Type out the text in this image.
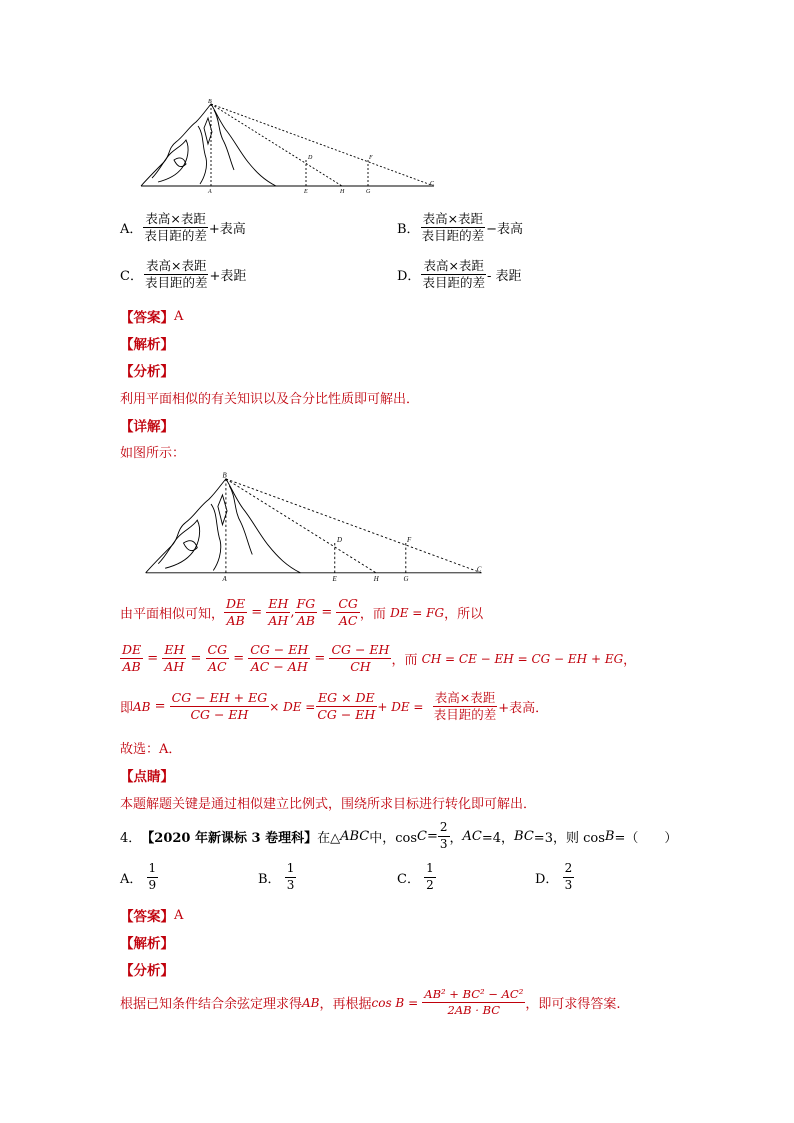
B
A
D
E	H
F
G
C
A． $\frac{\text{表高×表距}}{\text{表目距的差}}$ +表高	B． $\frac{\text{表高×表距}}{\text{表目距的差}}$ −表高
C． $\frac{\text{表高×表距}}{\text{表目距的差}}$ +表距	D． $\frac{\text{表高×表距}}{\text{表目距的差}}$ - 表距
【答案】 A
【解析】
【分析】
利用平面相似的有关知识以及合分比性质即可解出．
【详解】
如图所示：
B
A
D
E	H
F
G
C
由平面相似可知， $\frac{DE}{AB} = \frac{EH}{AH}$ , $\frac{FG}{AB} = \frac{CG}{AC}$ ，而
DE = FG ，所以
$\frac{DE}{AB} = \frac{EH}{AH} = \frac{CG}{AC} = \frac{CG - EH}{AC - AH} = \frac{CG - EH}{CH}$ ，而
CH = CE − EH = CG − EH + EG ，
即 AB = $\frac{CG - EH + EG}{CG - EH}$ × DE = $\frac{EG \times DE}{CG - EH}$ + DE =
$\frac{\text{表高×表距}}{\text{表目距的差}}$ +表高 ．
故选：A．
【点睛】
本题解题关键是通过相似建立比例式，围绕所求目标进行转化即可解出．
4． 【2020 年新课标 3 卷理科】 在△ ABC 中，$\cos C = \frac{2}{3}$ ， AC =4， BC =3，则 cos B =（　　）
A．
$\frac{1}{9}$	B．
$\frac{1}{3}$	C．
$\frac{1}{2}$	D．
$\frac{2}{3}$
【答案】 A
【解析】
【分析】
根据已知条件结合余弦定理求得 AB ，再根据 cos B =
$\frac{\text{AB² + BC² − AC²}}{2AB \cdot BC}$ ，即可求得答案.
